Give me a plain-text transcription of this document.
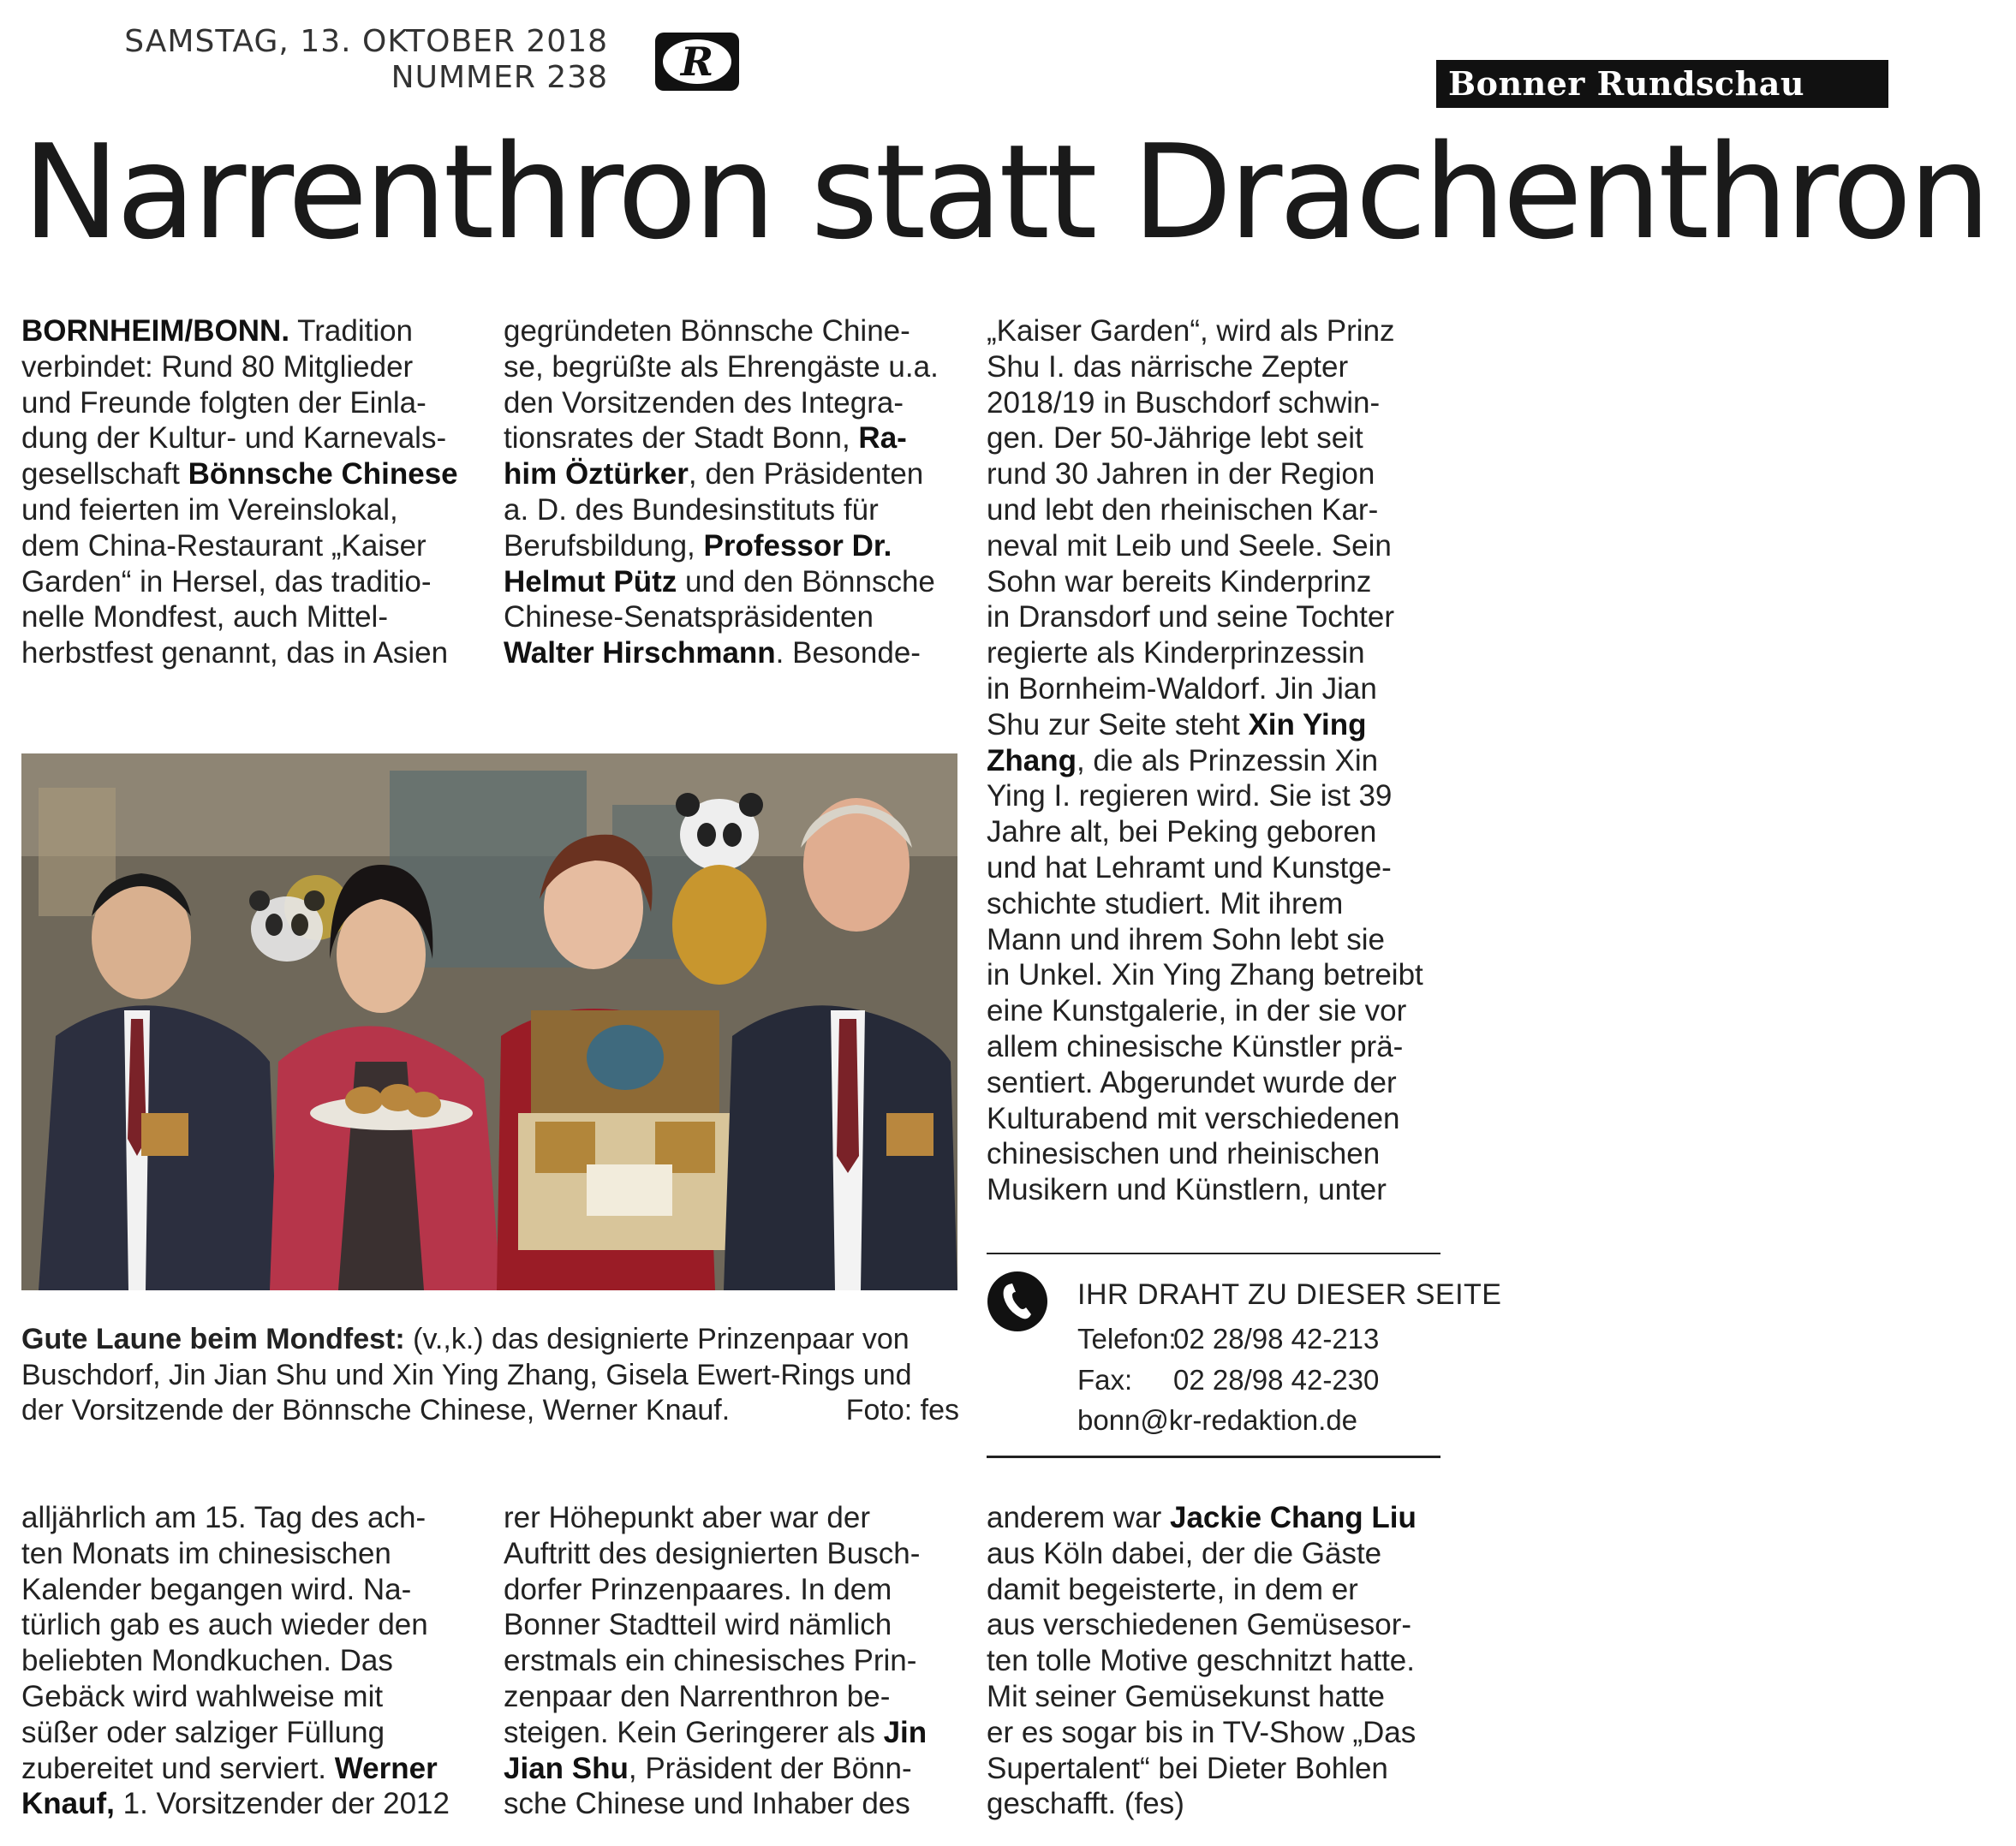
SAMSTAG, 13. OKTOBER 2018
NUMMER 238	R	Bonner Rundschau
Narrenthron statt Drachenthron
BORNHEIM/BONN. Tradition
verbindet: Rund 80 Mitglieder
und Freunde folgten der Einla-
dung der Kultur- und Karnevals-
gesellschaft Bönnsche Chinese
und feierten im Vereinslokal,
dem China-Restaurant „Kaiser
Garden“ in Hersel, das traditio-
nelle Mondfest, auch Mittel-
herbstfest genannt, das in Asien
gegründeten Bönnsche Chine-
se, begrüßte als Ehrengäste u.a.
den Vorsitzenden des Integra-
tionsrates der Stadt Bonn, Ra-
him Öztürker, den Präsidenten
a. D. des Bundesinstituts für
Berufsbildung, Professor Dr.
Helmut Pütz und den Bönnsche
Chinese-Senatspräsidenten
Walter Hirschmann. Besonde-
„Kaiser Garden“, wird als Prinz
Shu I. das närrische Zepter
2018/19 in Buschdorf schwin-
gen. Der 50-Jährige lebt seit
rund 30 Jahren in der Region
und lebt den rheinischen Kar-
neval mit Leib und Seele. Sein
Sohn war bereits Kinderprinz
in Dransdorf und seine Tochter
regierte als Kinderprinzessin
in Bornheim-Waldorf. Jin Jian
Shu zur Seite steht Xin Ying
Zhang, die als Prinzessin Xin
Ying I. regieren wird. Sie ist 39
Jahre alt, bei Peking geboren
und hat Lehramt und Kunstge-
schichte studiert. Mit ihrem
Mann und ihrem Sohn lebt sie
in Unkel. Xin Ying Zhang betreibt
eine Kunstgalerie, in der sie vor
allem chinesische Künstler prä-
sentiert. Abgerundet wurde der
Kulturabend mit verschiedenen
chinesischen und rheinischen
Musikern und Künstlern, unter
Gute Laune beim Mondfest: (v.,k.) das designierte Prinzenpaar von
Buschdorf, Jin Jian Shu und Xin Ying Zhang, Gisela Ewert-Rings und
der Vorsitzende der Bönnsche Chinese, Werner Knauf.	Foto: fes
IHR DRAHT ZU DIESER SEITE
Telefon:
02 28/98 42-213
Fax: 02 28/98 42-230
bonn@kr-redaktion.de
alljährlich am 15. Tag des ach-
ten Monats im chinesischen
Kalender begangen wird. Na-
türlich gab es auch wieder den
beliebten Mondkuchen. Das
Gebäck wird wahlweise mit
süßer oder salziger Füllung
zubereitet und serviert. Werner
Knauf, 1. Vorsitzender der 2012
rer Höhepunkt aber war der
Auftritt des designierten Busch-
dorfer Prinzenpaares. In dem
Bonner Stadtteil wird nämlich
erstmals ein chinesisches Prin-
zenpaar den Narrenthron be-
steigen. Kein Geringerer als Jin
Jian Shu, Präsident der Bönn-
sche Chinese und Inhaber des
anderem war Jackie Chang Liu
aus Köln dabei, der die Gäste
damit begeisterte, in dem er
aus verschiedenen Gemüsesor-
ten tolle Motive geschnitzt hatte.
Mit seiner Gemüsekunst hatte
er es sogar bis in TV-Show „Das
Supertalent“ bei Dieter Bohlen
geschafft. (fes)
